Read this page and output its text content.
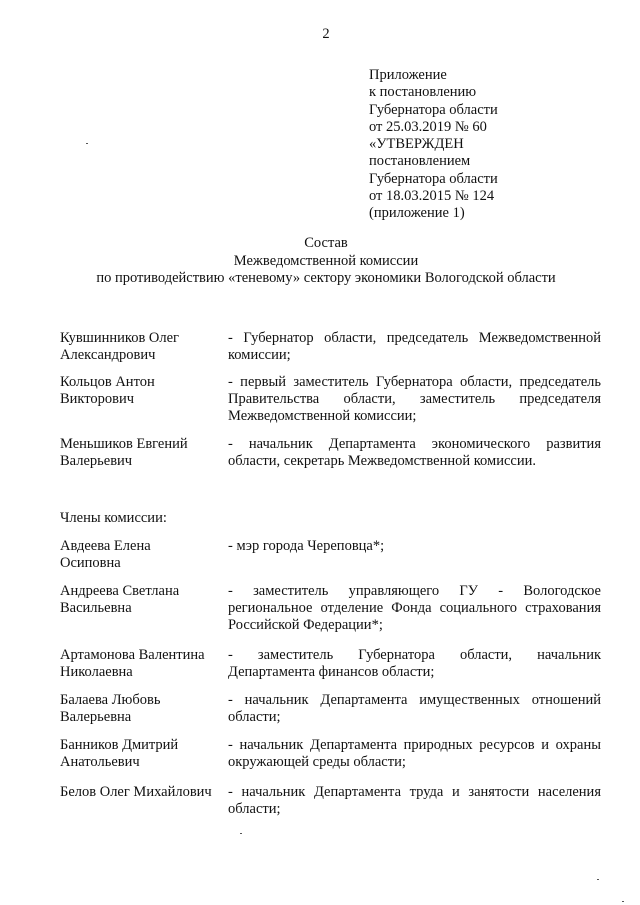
2
Приложение
к постановлению
Губернатора области
от 25.03.2019 № 60
«УТВЕРЖДЕН
постановлением
Губернатора области
от 18.03.2015 № 124
(приложение 1)
Состав
Межведомственной комиссии
по противодействию «теневому» сектору экономики Вологодской области
Кувшинников Олег
Александрович
- Губернатор области, председатель Межведомственной
комиссии;
Кольцов Антон
Викторович
- первый заместитель Губернатора области, председатель
Правительства области, заместитель председателя
Межведомственной комиссии;
Меньшиков Евгений
Валерьевич
- начальник Департамента экономического развития
области, секретарь Межведомственной комиссии.
Члены комиссии:
Авдеева Елена
Осиповна
- мэр города Череповца*;
Андреева Светлана
Васильевна
- заместитель управляющего ГУ - Вологодское
региональное отделение Фонда социального страхования
Российской Федерации*;
Артамонова Валентина
Николаевна
- заместитель Губернатора области, начальник
Департамента финансов области;
Балаева Любовь
Валерьевна
- начальник Департамента имущественных отношений
области;
Банников Дмитрий
Анатольевич
- начальник Департамента природных ресурсов и охраны
окружающей среды области;
Белов Олег Михайлович	- начальник Департамента труда и занятости населения
области;
